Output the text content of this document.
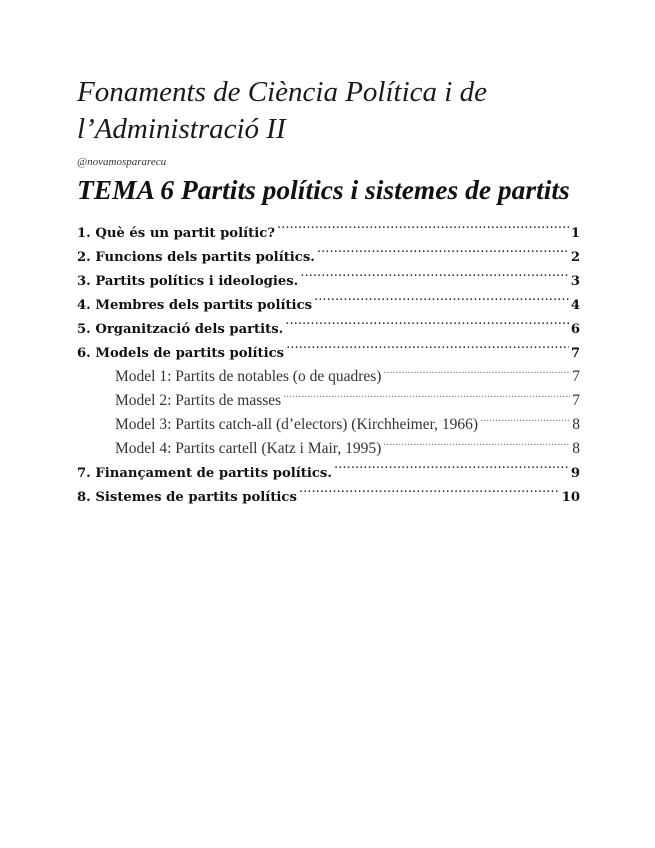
Fonaments de Ciència Política i de
l’Administració II
@novamospararecu
TEMA 6 Partits polítics i sistemes de partits
1. Què és un partit polític? .....	1
2. Funcions dels partits polítics. .....	2
3. Partits polítics i ideologies. .....	3
4. Membres dels partits polítics .....	4
5. Organització dels partits. .....	6
6. Models de partits polítics .....	7
Model 1: Partits de notables (o de quadres) .....	7
Model 2: Partits de masses .....	7
Model 3: Partits catch-all (d’electors) (Kirchheimer, 1966) .....	8
Model 4: Partits cartell (Katz i Mair, 1995) .....	8
7. Finançament de partits polítics. .....	9
8. Sistemes de partits polítics .....	10
